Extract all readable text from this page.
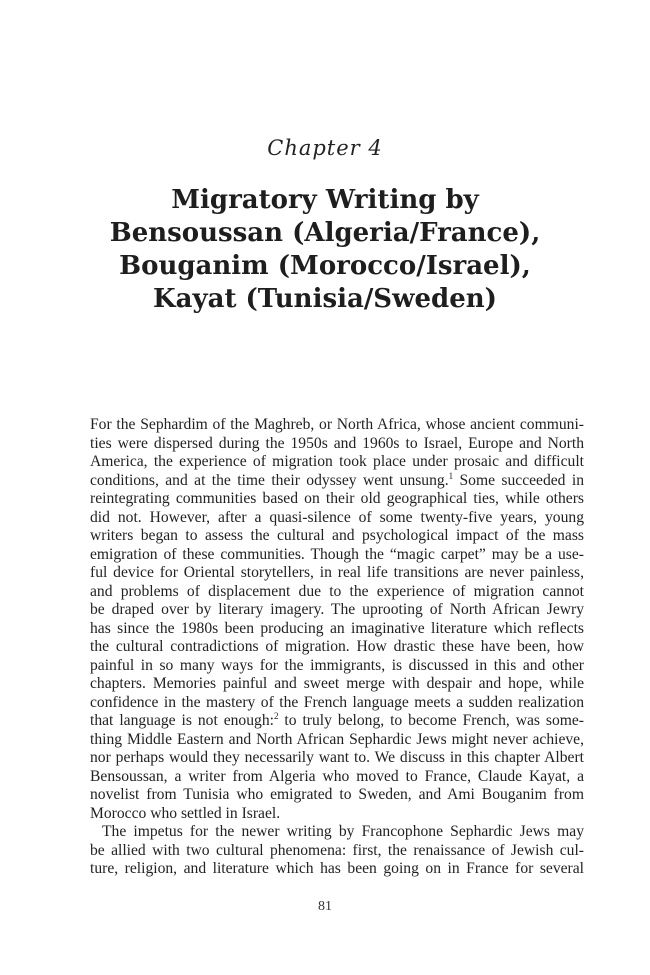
Chapter 4
Migratory Writing by
Bensoussan (Algeria/France),
Bouganim (Morocco/Israel),
Kayat (Tunisia/Sweden)
For the Sephardim of the Maghreb, or North Africa, whose ancient communi-
ties were dispersed during the 1950s and 1960s to Israel, Europe and North
America, the experience of migration took place under prosaic and difficult
conditions, and at the time their odyssey went unsung.$^1$ Some succeeded in
reintegrating communities based on their old geographical ties, while others
did not. However, after a quasi-silence of some twenty-five years, young
writers began to assess the cultural and psychological impact of the mass
emigration of these communities. Though the “magic carpet” may be a use-
ful device for Oriental storytellers, in real life transitions are never painless,
and problems of displacement due to the experience of migration cannot
be draped over by literary imagery. The uprooting of North African Jewry
has since the 1980s been producing an imaginative literature which reflects
the cultural contradictions of migration. How drastic these have been, how
painful in so many ways for the immigrants, is discussed in this and other
chapters. Memories painful and sweet merge with despair and hope, while
confidence in the mastery of the French language meets a sudden realization
that language is not enough:$^2$ to truly belong, to become French, was some-
thing Middle Eastern and North African Sephardic Jews might never achieve,
nor perhaps would they necessarily want to. We discuss in this chapter Albert
Bensoussan, a writer from Algeria who moved to France, Claude Kayat, a
novelist from Tunisia who emigrated to Sweden, and Ami Bouganim from
Morocco who settled in Israel.
The impetus for the newer writing by Francophone Sephardic Jews may
be allied with two cultural phenomena: first, the renaissance of Jewish cul-
ture, religion, and literature which has been going on in France for several
81
